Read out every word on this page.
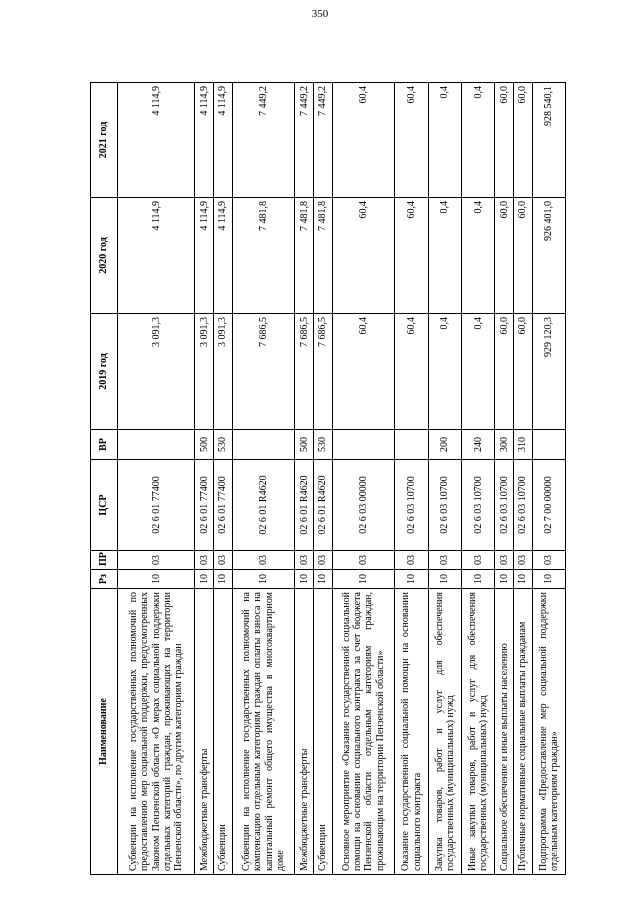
350
Наименование	Рз	ПР	ЦСР	ВР	2019 год	2020 год	2021 год
Субвенции на исполнение государственных полномочий по предоставлению мер социальной поддержки, предусмотренных Законом Пензенской области «О мерах социальной поддержки отдельных категорий граждан, проживающих на территории Пензенской области», по другим категориям граждан	10	03	02 6 01 77400		3 091,3	4 114,9	4 114,9
Межбюджетные трансферты	10	03	02 6 01 77400	500	3 091,3	4 114,9	4 114,9
Субвенции	10	03	02 6 01 77400	530	3 091,3	4 114,9	4 114,9
Субвенции на исполнение государственных полномочий на компенсацию отдельным категориям граждан оплаты взноса на капитальный ремонт общего имущества в многоквартирном доме	10	03	02 6 01 R4620		7 686,5	7 481,8	7 449,2
Межбюджетные трансферты	10	03	02 6 01 R4620	500	7 686,5	7 481,8	7 449,2
Субвенции	10	03	02 6 01 R4620	530	7 686,5	7 481,8	7 449,2
Основное мероприятие «Оказание государственной социальной помощи на основании социального контракта за счет бюджета Пензенской области отдельным категориям граждан, проживающим на территории Пензенской области»	10	03	02 6 03 00000		60,4	60,4	60,4
Оказание государственной социальной помощи на основании социального контракта	10	03	02 6 03 10700		60,4	60,4	60,4
Закупка товаров, работ и услуг для обеспечения государственных (муниципальных) нужд	10	03	02 6 03 10700	200	0,4	0,4	0,4
Иные закупки товаров, работ и услуг для обеспечения государственных (муниципальных) нужд	10	03	02 6 03 10700	240	0,4	0,4	0,4
Социальное обеспечение и иные выплаты населению	10	03	02 6 03 10700	300	60,0	60,0	60,0
Публичные нормативные социальные выплаты гражданам	10	03	02 6 03 10700	310	60,0	60,0	60,0
Подпрограмма «Предоставление мер социальной поддержки отдельным категориям граждан»	10	03	02 7 00 00000		929 120,3	926 401,0	928 540,1
